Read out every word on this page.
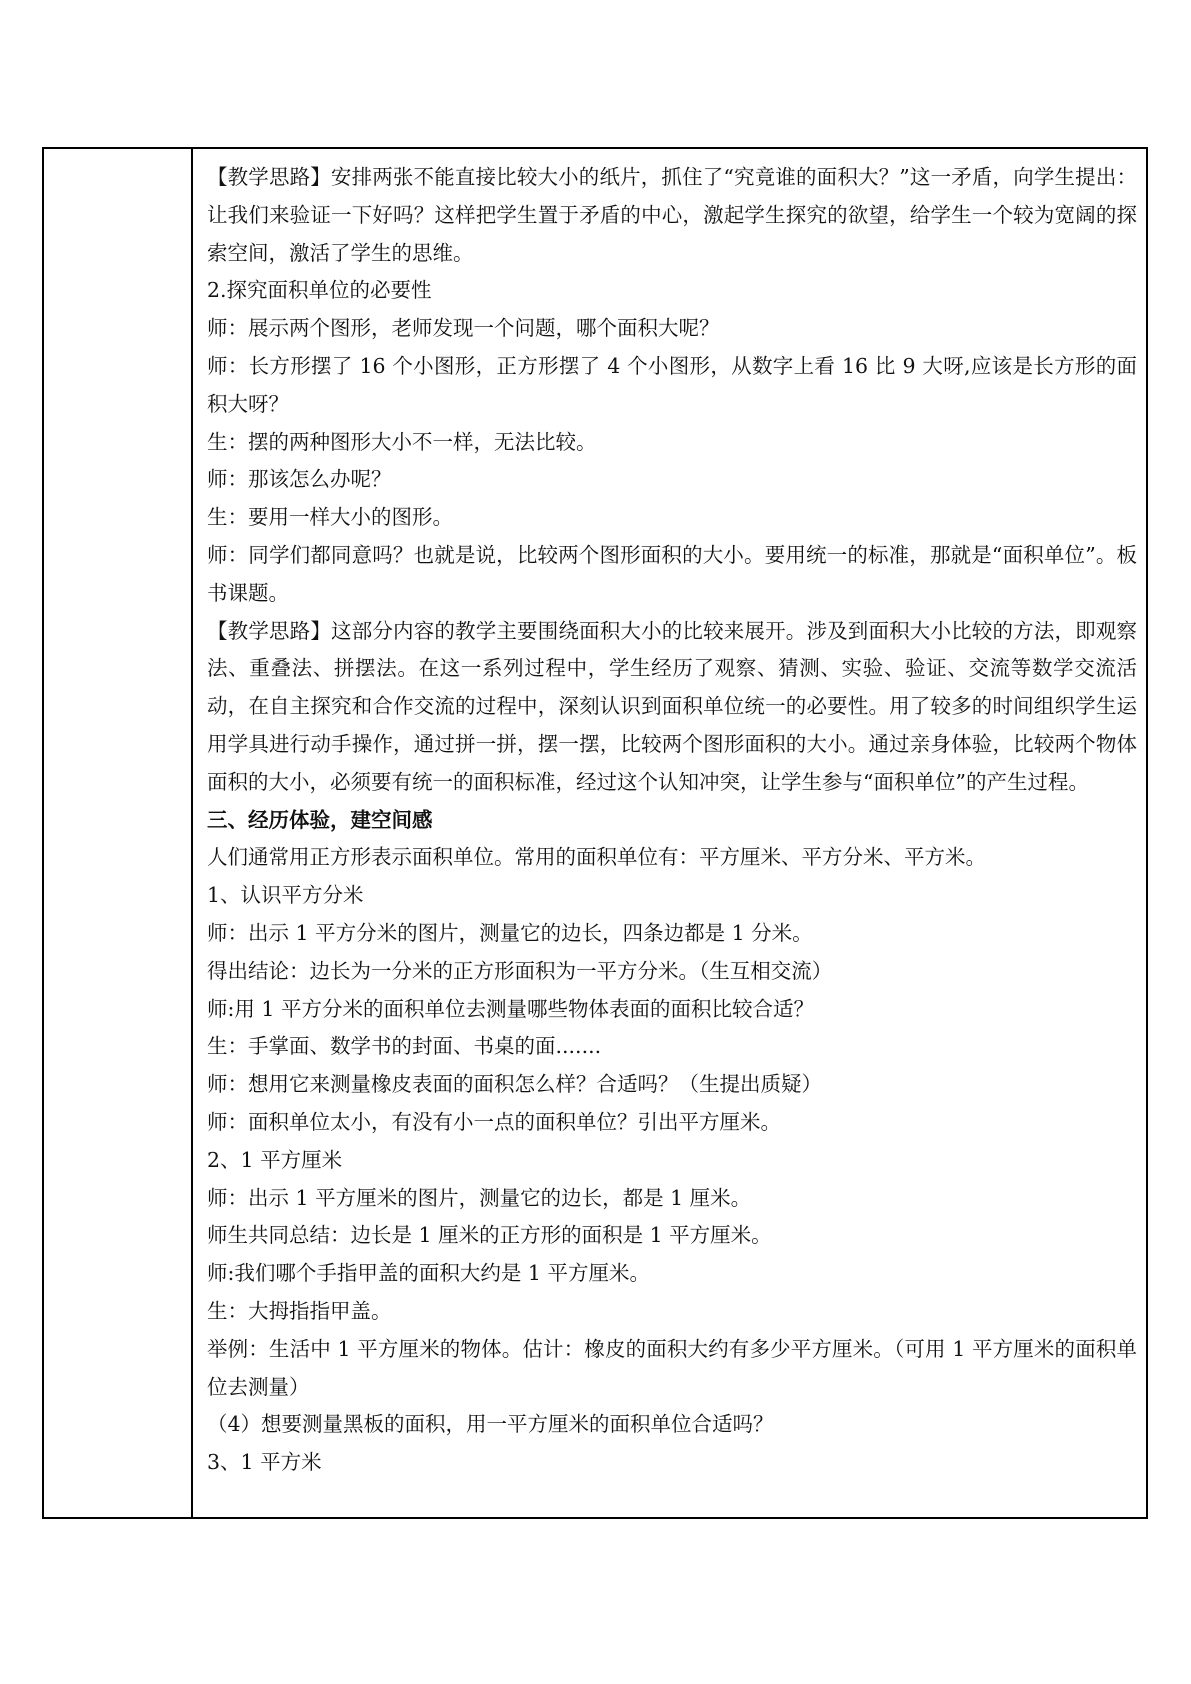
【教学思路】安排两张不能直接比较大小的纸片，抓住了“究竟谁的面积大？”这一矛盾，向学生提出：让我们来验证一下好吗？这样把学生置于矛盾的中心，激起学生探究的欲望，给学生一个较为宽阔的探索空间，激活了学生的思维。

2.探究面积单位的必要性

师：展示两个图形，老师发现一个问题，哪个面积大呢？

师：长方形摆了 16 个小图形，正方形摆了 4 个小图形，从数字上看 16 比 9 大呀,应该是长方形的面积大呀？

生：摆的两种图形大小不一样，无法比较。

师：那该怎么办呢？

生：要用一样大小的图形。

师：同学们都同意吗？也就是说，比较两个图形面积的大小。要用统一的标准，那就是“面积单位”。板书课题。

【教学思路】这部分内容的教学主要围绕面积大小的比较来展开。涉及到面积大小比较的方法，即观察法、重叠法、拼摆法。在这一系列过程中，学生经历了观察、猜测、实验、验证、交流等数学交流活动，在自主探究和合作交流的过程中，深刻认识到面积单位统一的必要性。用了较多的时间组织学生运用学具进行动手操作，通过拼一拼，摆一摆，比较两个图形面积的大小。通过亲身体验，比较两个物体面积的大小，必须要有统一的面积标准，经过这个认知冲突，让学生参与“面积单位”的产生过程。

三、经历体验，建空间感

人们通常用正方形表示面积单位。常用的面积单位有：平方厘米、平方分米、平方米。

1、认识平方分米

师：出示 1 平方分米的图片，测量它的边长，四条边都是 1 分米。

得出结论：边长为一分米的正方形面积为一平方分米。（生互相交流）

师:用 1 平方分米的面积单位去测量哪些物体表面的面积比较合适？

生：手掌面、数学书的封面、书桌的面.......

师：想用它来测量橡皮表面的面积怎么样？合适吗？（生提出质疑）

师：面积单位太小，有没有小一点的面积单位？引出平方厘米。

2、1 平方厘米

师：出示 1 平方厘米的图片，测量它的边长，都是 1 厘米。

师生共同总结：边长是 1 厘米的正方形的面积是 1 平方厘米。

师:我们哪个手指甲盖的面积大约是 1 平方厘米。

生：大拇指指甲盖。

举例：生活中 1 平方厘米的物体。估计：橡皮的面积大约有多少平方厘米。（可用 1 平方厘米的面积单位去测量）

（4）想要测量黑板的面积，用一平方厘米的面积单位合适吗？

3、1 平方米
